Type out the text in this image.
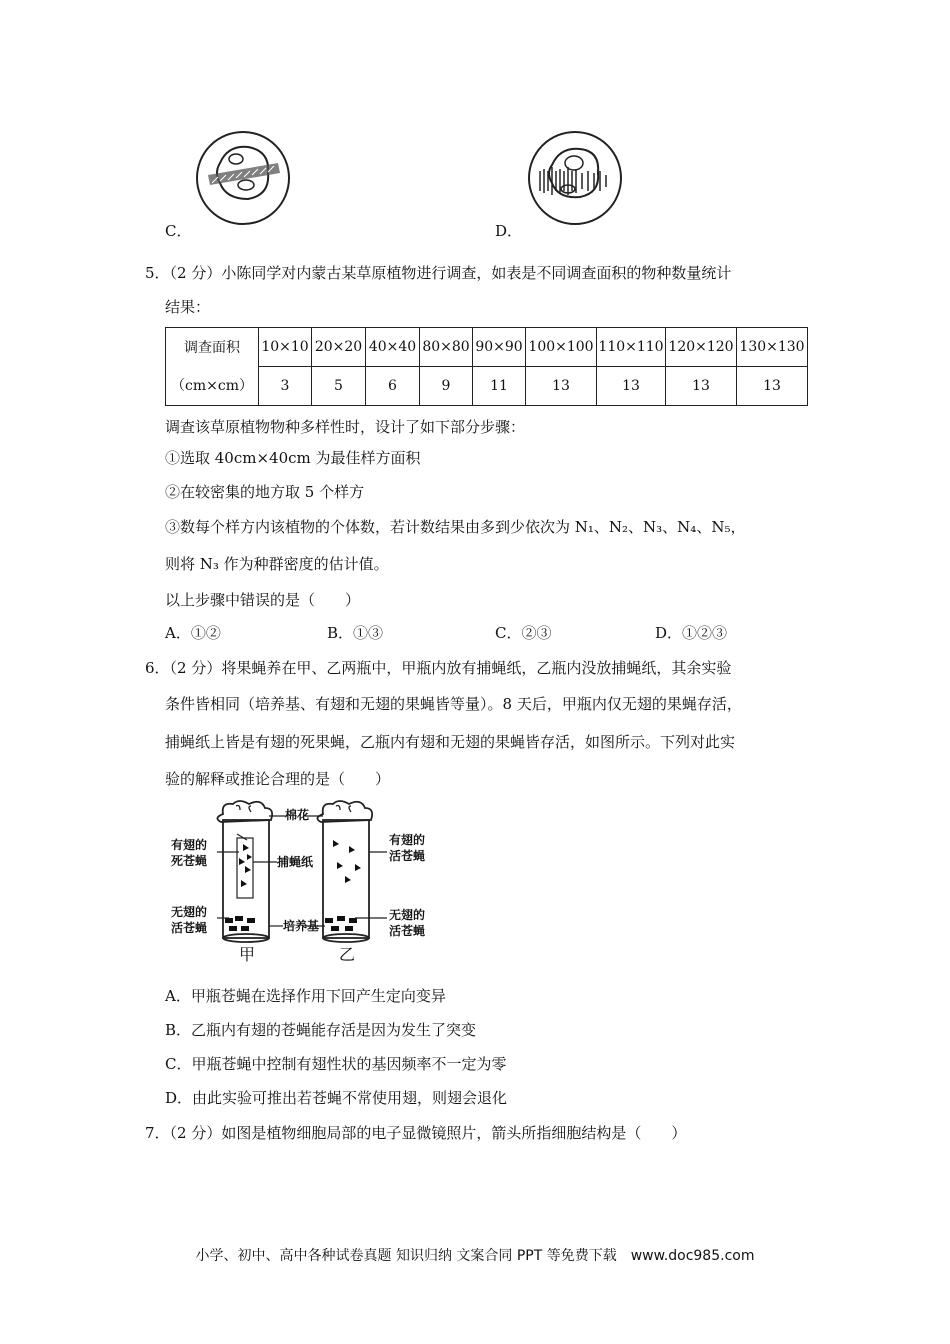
C．	D．
5．（2 分）小陈同学对内蒙古某草原植物进行调查，如表是不同调查面积的物种数量统计
结果：
调查面积
（cm×cm）	10×10	20×20	40×40	80×80	90×90	100×100	110×110	120×120	130×130
	3	5	6	9	11	13	13	13	13
调查该草原植物物种多样性时，设计了如下部分步骤：
①选取 40cm×40cm 为最佳样方面积
②在较密集的地方取 5 个样方
③数每个样方内该植物的个体数，若计数结果由多到少依次为 N₁、N₂、N₃、N₄、N₅，
则将 N₃ 作为种群密度的估计值。
以上步骤中错误的是（　　）
A．①②	B．①③	C．②③	D．①②③
6．（2 分）将果蝇养在甲、乙两瓶中，甲瓶内放有捕蝇纸，乙瓶内没放捕蝇纸，其余实验
条件皆相同（培养基、有翅和无翅的果蝇皆等量）。8 天后，甲瓶内仅无翅的果蝇存活，
捕蝇纸上皆是有翅的死果蝇，乙瓶内有翅和无翅的果蝇皆存活，如图所示。下列对此实
验的解释或推论合理的是（　　）
棉花
有翅的
死苍蝇	捕蝇纸
无翅的
活苍蝇	培养基
有翅的
活苍蝇
无翅的
活苍蝇
甲	乙
A．甲瓶苍蝇在选择作用下回产生定向变异
B．乙瓶内有翅的苍蝇能存活是因为发生了突变
C．甲瓶苍蝇中控制有翅性状的基因频率不一定为零
D．由此实验可推出若苍蝇不常使用翅，则翅会退化
7．（2 分）如图是植物细胞局部的电子显微镜照片，箭头所指细胞结构是（　　）
小学、初中、高中各种试卷真题 知识归纳 文案合同 PPT 等免费下载　www.doc985.com
